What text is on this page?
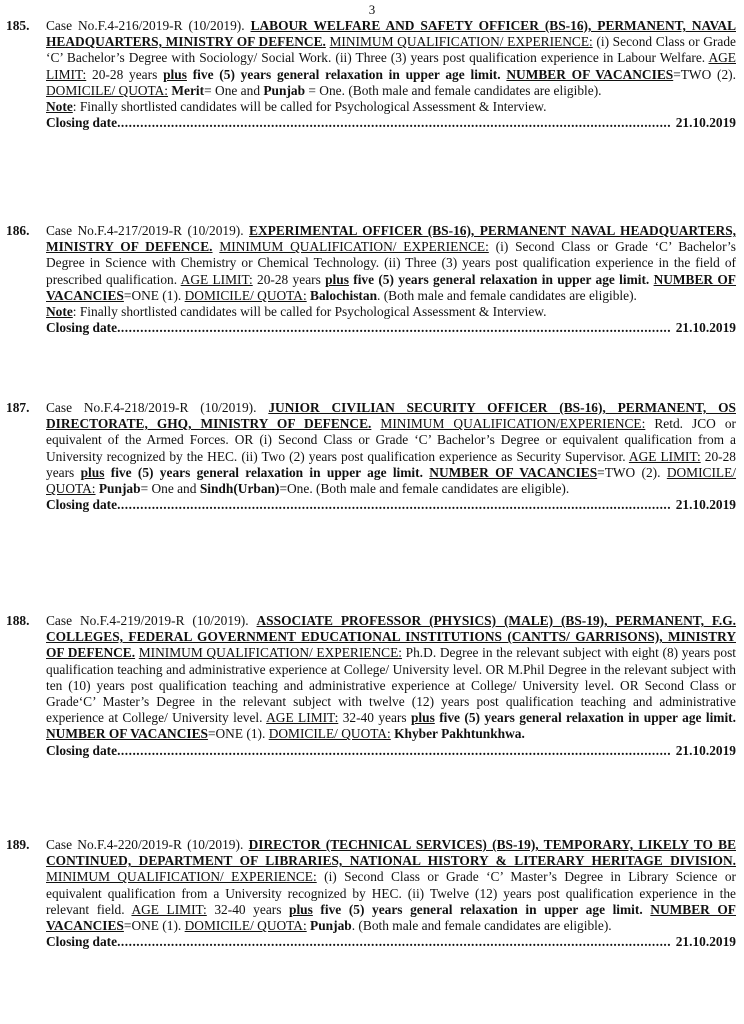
3
185. Case No.F.4-216/2019-R (10/2019). LABOUR WELFARE AND SAFETY OFFICER (BS-16), PERMANENT, NAVAL HEADQUARTERS, MINISTRY OF DEFENCE. MINIMUM QUALIFICATION/ EXPERIENCE: (i) Second Class or Grade ‘C’ Bachelor’s Degree with Sociology/ Social Work. (ii) Three (3) years post qualification experience in Labour Welfare. AGE LIMIT: 20-28 years plus five (5) years general relaxation in upper age limit. NUMBER OF VACANCIES=TWO (2). DOMICILE/ QUOTA: Merit= One and Punjab = One. (Both male and female candidates are eligible).
Note: Finally shortlisted candidates will be called for Psychological Assessment & Interview.
Closing date .....	21.10.2019
186. Case No.F.4-217/2019-R (10/2019). EXPERIMENTAL OFFICER (BS-16), PERMANENT NAVAL HEADQUARTERS, MINISTRY OF DEFENCE. MINIMUM QUALIFICATION/ EXPERIENCE: (i) Second Class or Grade ‘C’ Bachelor’s Degree in Science with Chemistry or Chemical Technology. (ii) Three (3) years post qualification experience in the field of prescribed qualification. AGE LIMIT: 20-28 years plus five (5) years general relaxation in upper age limit. NUMBER OF VACANCIES=ONE (1). DOMICILE/ QUOTA: Balochistan. (Both male and female candidates are eligible).
Note: Finally shortlisted candidates will be called for Psychological Assessment & Interview.
Closing date .....	21.10.2019
187. Case No.F.4-218/2019-R (10/2019). JUNIOR CIVILIAN SECURITY OFFICER (BS-16), PERMANENT, OS DIRECTORATE, GHQ, MINISTRY OF DEFENCE. MINIMUM QUALIFICATION/EXPERIENCE: Retd. JCO or equivalent of the Armed Forces. OR (i) Second Class or Grade ‘C’ Bachelor’s Degree or equivalent qualification from a University recognized by the HEC. (ii) Two (2) years post qualification experience as Security Supervisor. AGE LIMIT: 20-28 years plus five (5) years general relaxation in upper age limit. NUMBER OF VACANCIES=TWO (2). DOMICILE/ QUOTA: Punjab= One and Sindh(Urban)=One. (Both male and female candidates are eligible).
Closing date .....	21.10.2019
188. Case No.F.4-219/2019-R (10/2019). ASSOCIATE PROFESSOR (PHYSICS) (MALE) (BS-19), PERMANENT, F.G. COLLEGES, FEDERAL GOVERNMENT EDUCATIONAL INSTITUTIONS (CANTTS/ GARRISONS), MINISTRY OF DEFENCE. MINIMUM QUALIFICATION/ EXPERIENCE: Ph.D. Degree in the relevant subject with eight (8) years post qualification teaching and administrative experience at College/ University level. OR M.Phil Degree in the relevant subject with ten (10) years post qualification teaching and administrative experience at College/ University level. OR Second Class or Grade‘C’ Master’s Degree in the relevant subject with twelve (12) years post qualification teaching and administrative experience at College/ University level. AGE LIMIT: 32-40 years plus five (5) years general relaxation in upper age limit. NUMBER OF VACANCIES=ONE (1). DOMICILE/ QUOTA: Khyber Pakhtunkhwa.
Closing date .....	21.10.2019
189. Case No.F.4-220/2019-R (10/2019). DIRECTOR (TECHNICAL SERVICES) (BS-19), TEMPORARY, LIKELY TO BE CONTINUED, DEPARTMENT OF LIBRARIES, NATIONAL HISTORY & LITERARY HERITAGE DIVISION. MINIMUM QUALIFICATION/ EXPERIENCE: (i) Second Class or Grade ‘C’ Master’s Degree in Library Science or equivalent qualification from a University recognized by HEC. (ii) Twelve (12) years post qualification experience in the relevant field. AGE LIMIT: 32-40 years plus five (5) years general relaxation in upper age limit. NUMBER OF VACANCIES=ONE (1). DOMICILE/ QUOTA: Punjab. (Both male and female candidates are eligible).
Closing date .....	21.10.2019
